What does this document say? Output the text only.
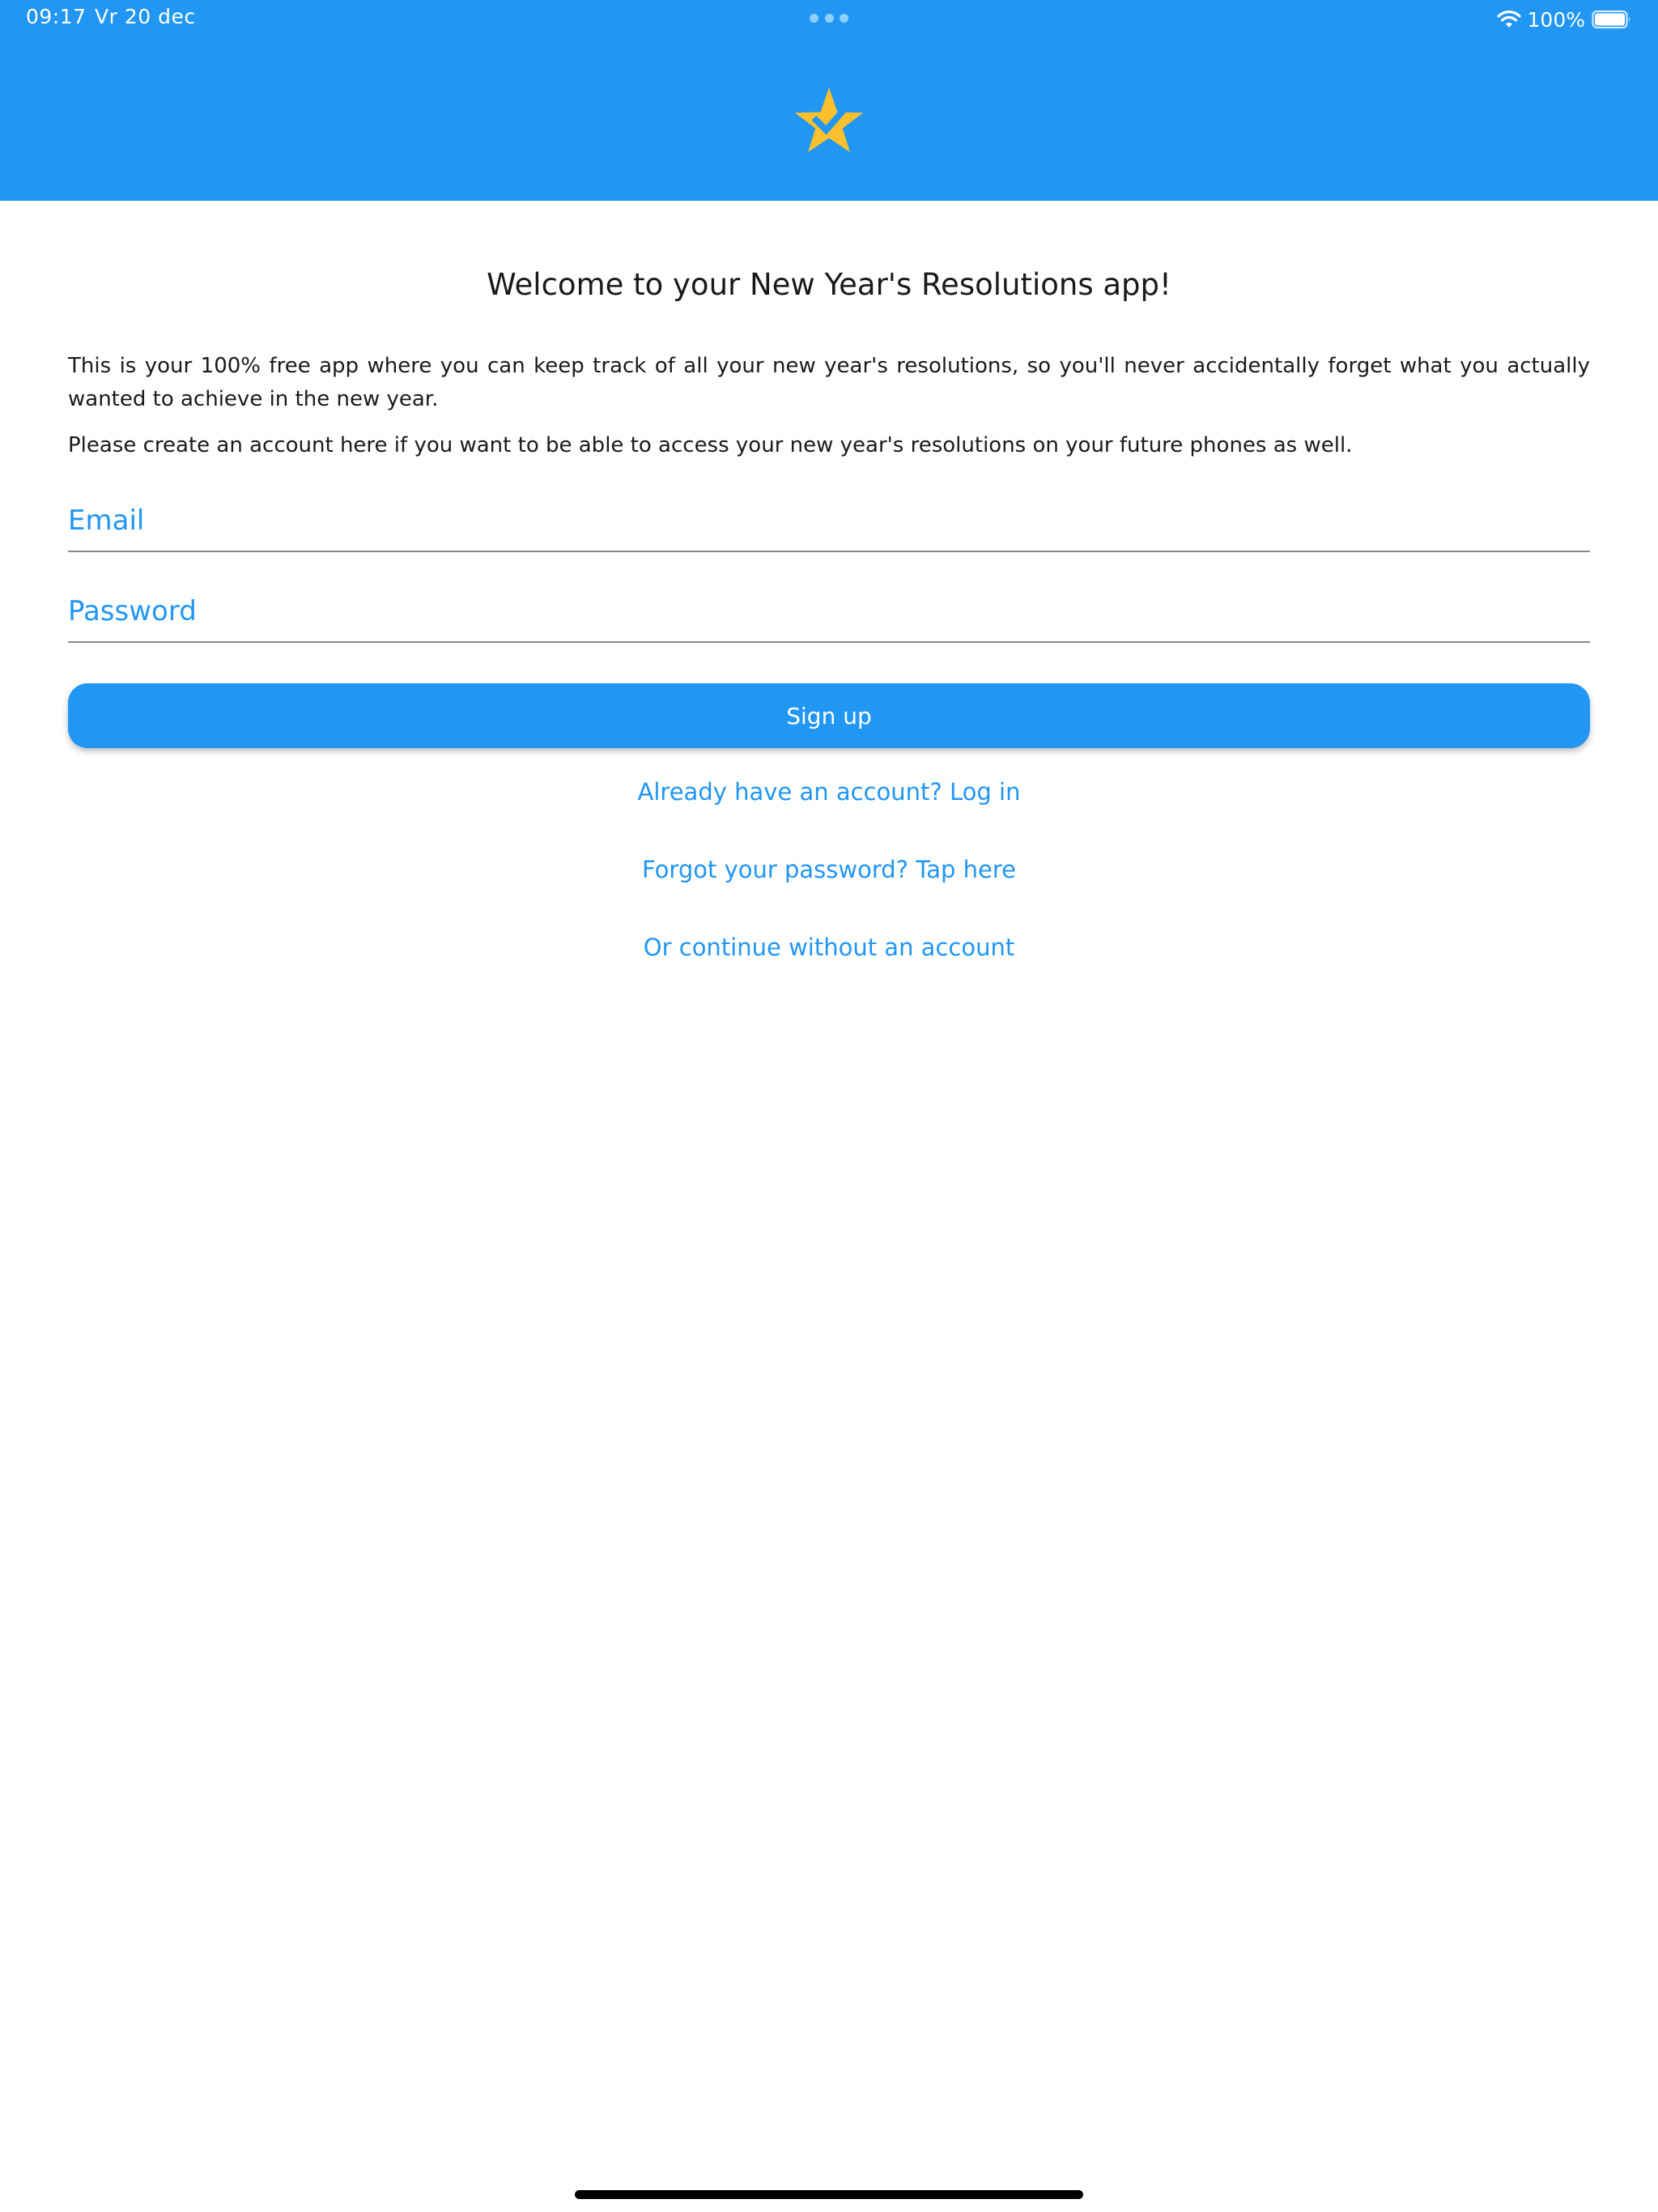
09:17 Vr 20 dec	100%
Welcome to your New Year's Resolutions app!

This is your 100% free app where you can keep track of all your new year's resolutions, so you'll never accidentally forget what you actually wanted to achieve in the new year.

Please create an account here if you want to be able to access your new year's resolutions on your future phones as well.

Email
Sign up
Already have an account? Log in
Forgot your password? Tap here
Or continue without an account
